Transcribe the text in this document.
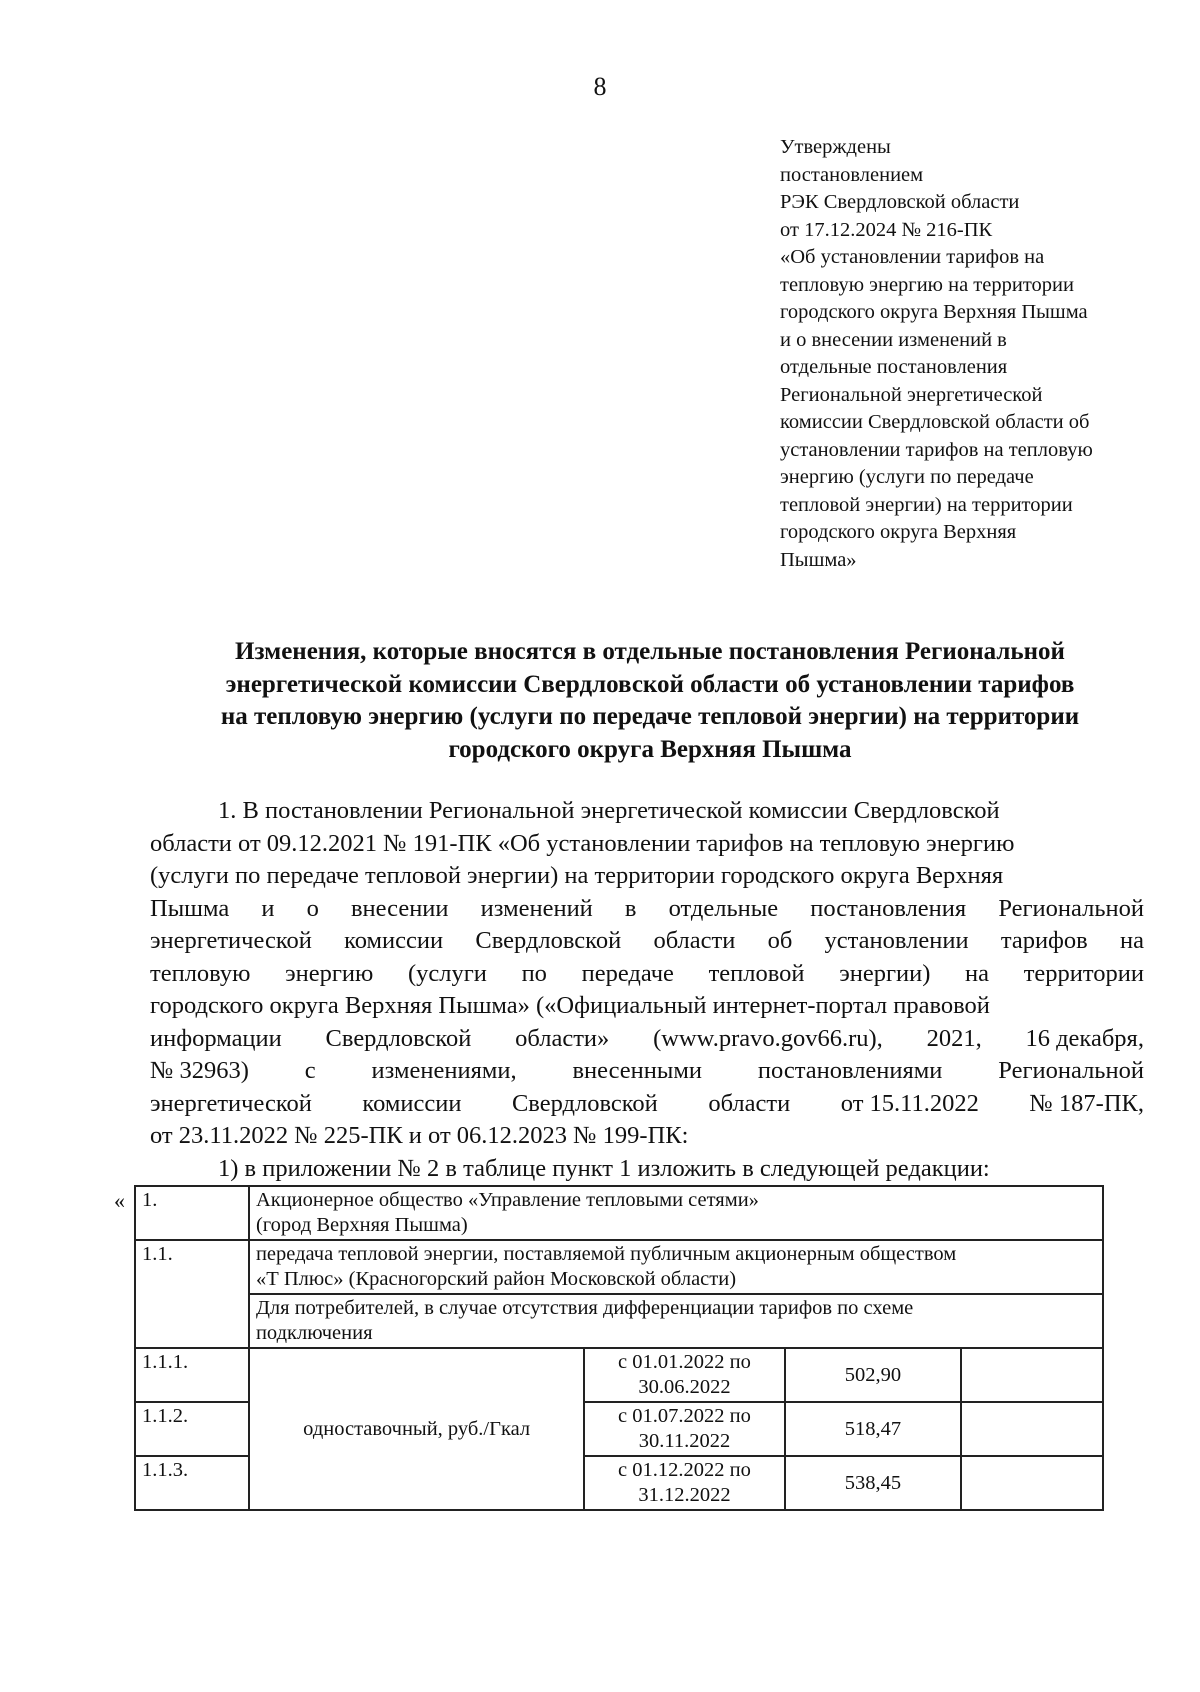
8
Утверждены
постановлением
РЭК Свердловской области
от 17.12.2024 № 216-ПК
«Об установлении тарифов на
тепловую энергию на территории
городского округа Верхняя Пышма
и о внесении изменений в
отдельные постановления
Региональной энергетической
комиссии Свердловской области об
установлении тарифов на тепловую
энергию (услуги по передаче
тепловой энергии) на территории
городского округа Верхняя
Пышма»
Изменения, которые вносятся в отдельные постановления Региональной
энергетической комиссии Свердловской области об установлении тарифов
на тепловую энергию (услуги по передаче тепловой энергии) на территории
городского округа Верхняя Пышма
1. В постановлении Региональной энергетической комиссии Свердловской
области от 09.12.2021 № 191-ПК «Об установлении тарифов на тепловую энергию
(услуги по передаче тепловой энергии) на территории городского округа Верхняя
Пышма и о внесении изменений в отдельные постановления Региональной
энергетической комиссии Свердловской области об установлении тарифов на
тепловую энергию (услуги по передаче тепловой энергии) на территории
городского округа Верхняя Пышма» («Официальный интернет-портал правовой
информации Свердловской области» (www.pravo.gov66.ru), 2021, 16 декабря,
№ 32963) с изменениями, внесенными постановлениями Региональной
энергетической комиссии Свердловской области от 15.11.2022 № 187-ПК,
от 23.11.2022 № 225-ПК и от 06.12.2023 № 199-ПК:
1) в приложении № 2 в таблице пункт 1 изложить в следующей редакции:
« 1.	Акционерное общество «Управление тепловыми сетями»
(город Верхняя Пышма)			

1.1.	передача тепловой энергии, поставляемой публичным акционерным обществом
«Т Плюс» (Красногорский район Московской области)			

	Для потребителей, в случае отсутствия дифференциации тарифов по схеме
подключения			

1.1.1.	одноставочный, руб./Гкал	с 01.01.2022 по
30.06.2022	502,90	
1.1.2.		с 01.07.2022 по
30.11.2022	518,47	
1.1.3.		с 01.12.2022 по
31.12.2022	538,45	
